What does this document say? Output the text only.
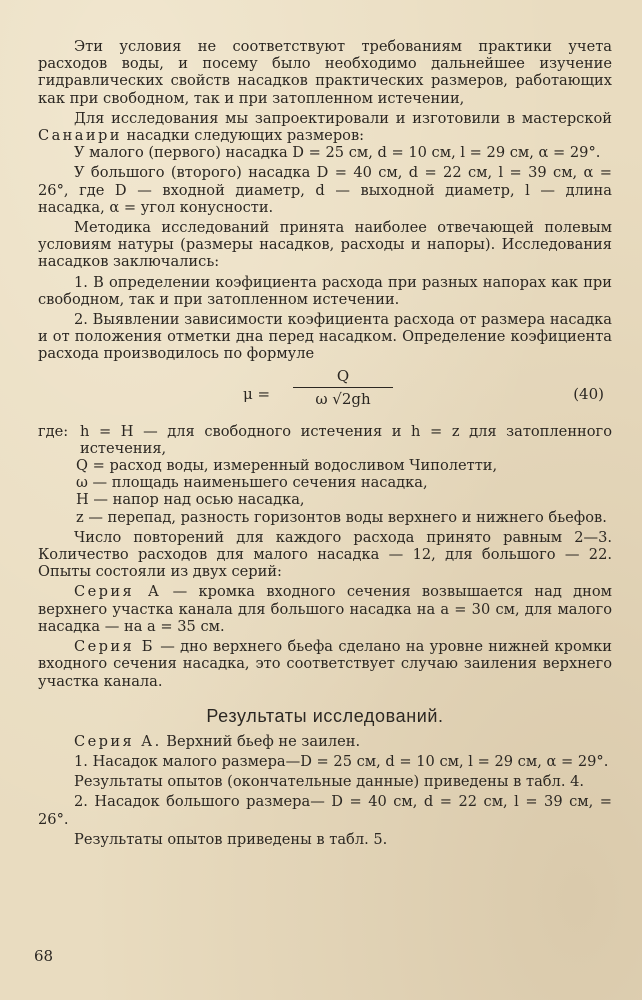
Эти условия не соответствуют требованиям практики учета расходов воды, и посему было необходимо дальнейшее изучение гидравлических свойств насадков практических размеров, работающих как при свободном, так и при затопленном истечении,

Для исследования мы запроектировали и изготовили в мастерской Санаири насадки следующих размеров:

У малого (первого) насадка D = 25 см, d = 10 см, l = 29 см, α = 29°.

У большого (второго) насадка D = 40 см, d = 22 см, l = 39 см, α = 26°, где D — входной диаметр, d — выходной диаметр, l — длина насадка, α = угол конусности.

Методика исследований принята наиболее отвечающей полевым условиям натуры (размеры насадков, расходы и напоры). Исследования насадков заключались:

1. В определении коэфициента расхода при разных напорах как при свободном, так и при затопленном истечении.

2. Выявлении зависимости коэфициента расхода от размера насадка и от положения отметки дна перед насадком. Определение коэфициента расхода производилось по формуле

$\mu = \frac{Q}{\omega √2gh}$	(40)
где: h = H — для свободного истечения и h = z для затопленного истечения,

Q = расход воды, измеренный водосливом Чиполетти,

ω — площадь наименьшего сечения насадка,

H — напор над осью насадка,

z — перепад, разность горизонтов воды верхнего и нижнего бьефов.

Число повторений для каждого расхода принято равным 2—3. Количество расходов для малого насадка — 12, для большого — 22. Опыты состояли из двух серий:

Серия А — кромка входного сечения возвышается над дном верхнего участка канала для большого насадка на a = 30 см, для малого насадка — на a = 35 см.

Серия Б — дно верхнего бьефа сделано на уровне нижней кромки входного сечения насадка, это соответствует случаю заиления верхнего участка канала.

Результаты исследований.

Серия А. Верхний бьеф не заилен.

1. Насадок малого размера—D = 25 см, d = 10 см, l = 29 см, α = 29°.

Результаты опытов (окончательные данные) приведены в табл. 4.

2. Насадок большого размера— D = 40 см, d = 22 см, l = 39 см, = 26°.

Результаты опытов приведены в табл. 5.

68
